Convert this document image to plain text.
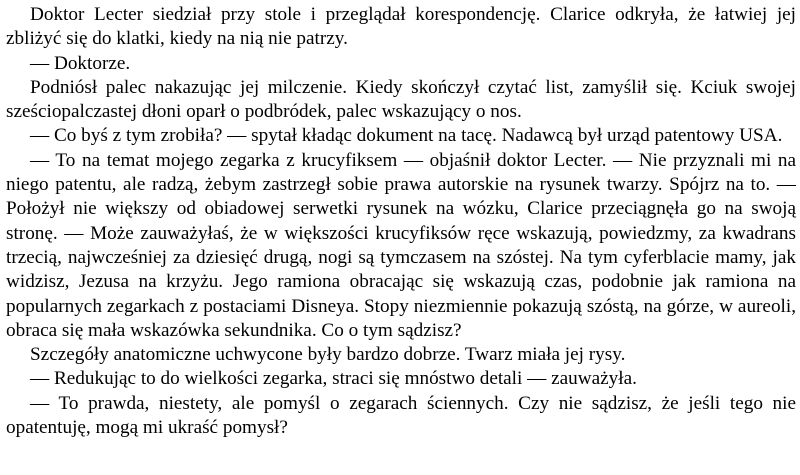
Doktor Lecter siedział przy stole i przeglądał korespondencję. Clarice odkryła, że łatwiej jej zbliżyć się do klatki, kiedy na nią nie patrzy.

— Doktorze.

Podniósł palec nakazując jej milczenie. Kiedy skończył czytać list, zamyślił się. Kciuk swojej sześciopalczastej dłoni oparł o podbródek, palec wskazujący o nos.

— Co byś z tym zrobiła? — spytał kładąc dokument na tacę. Nadawcą był urząd patentowy USA.

— To na temat mojego zegarka z krucyfiksem — objaśnił doktor Lecter. — Nie przyznali mi na niego patentu, ale radzą, żebym zastrzegł sobie prawa autorskie na rysunek twarzy. Spójrz na to. — Położył nie większy od obiadowej serwetki rysunek na wózku, Clarice przeciągnęła go na swoją stronę. — Może zauważyłaś, że w większości krucyfiksów ręce wskazują, powiedzmy, za kwadrans trzecią, najwcześniej za dziesięć drugą, nogi są tymczasem na szóstej. Na tym cyferblacie mamy, jak widzisz, Jezusa na krzyżu. Jego ramiona obracając się wskazują czas, podobnie jak ramiona na popularnych zegarkach z postaciami Disneya. Stopy niezmiennie pokazują szóstą, na górze, w aureoli, obraca się mała wskazówka sekundnika. Co o tym sądzisz?

Szczegóły anatomiczne uchwycone były bardzo dobrze. Twarz miała jej rysy.

— Redukując to do wielkości zegarka, straci się mnóstwo detali — zauważyła.

— To prawda, niestety, ale pomyśl o zegarach ściennych. Czy nie sądzisz, że jeśli tego nie opatentuję, mogą mi ukraść pomysł?
